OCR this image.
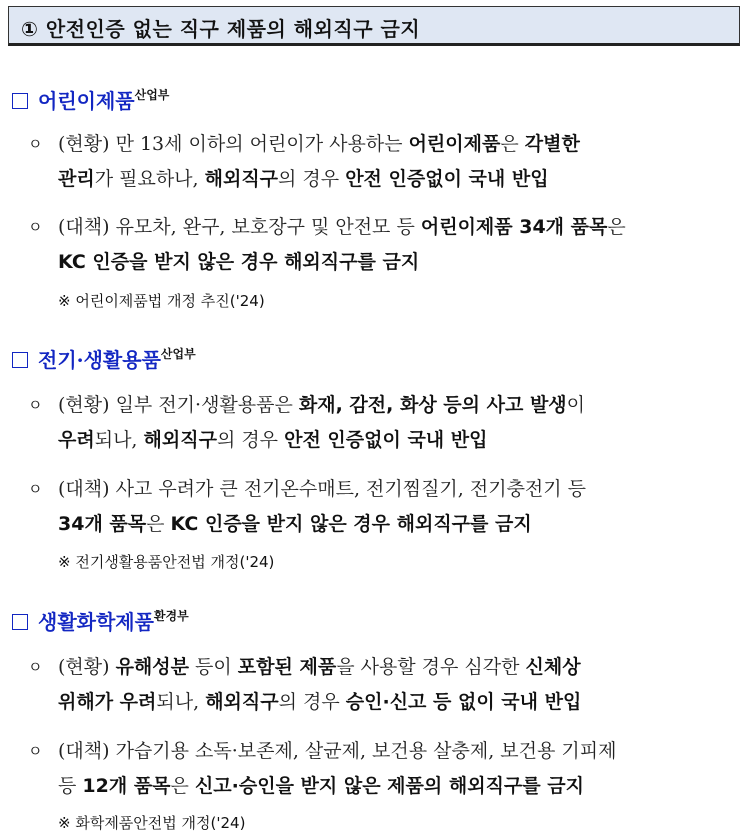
① 안전인증 없는 직구 제품의 해외직구 금지
어린이제품$^{산업부}$
ㅇ (현황) 만 13세 이하의 어린이가 사용하는 어린이제품은 각별한
관리가 필요하나, 해외직구의 경우 안전 인증없이 국내 반입
ㅇ (대책) 유모차, 완구, 보호장구 및 안전모 등 어린이제품 34개 품목은
KC 인증을 받지 않은 경우 해외직구를 금지
※ 어린이제품법 개정 추진('24)
전기·생활용품$^{산업부}$
ㅇ (현황) 일부 전기·생활용품은 화재, 감전, 화상 등의 사고 발생이
우려되나, 해외직구의 경우 안전 인증없이 국내 반입
ㅇ (대책) 사고 우려가 큰 전기온수매트, 전기찜질기, 전기충전기 등
34개 품목은 KC 인증을 받지 않은 경우 해외직구를 금지
※ 전기생활용품안전법 개정('24)
생활화학제품$^{환경부}$
ㅇ (현황) 유해성분 등이 포함된 제품을 사용할 경우 심각한 신체상
위해가 우려되나, 해외직구의 경우 승인·신고 등 없이 국내 반입
ㅇ (대책) 가습기용 소독·보존제, 살균제, 보건용 살충제, 보건용 기피제
등 12개 품목은 신고·승인을 받지 않은 제품의 해외직구를 금지
※ 화학제품안전법 개정('24)
